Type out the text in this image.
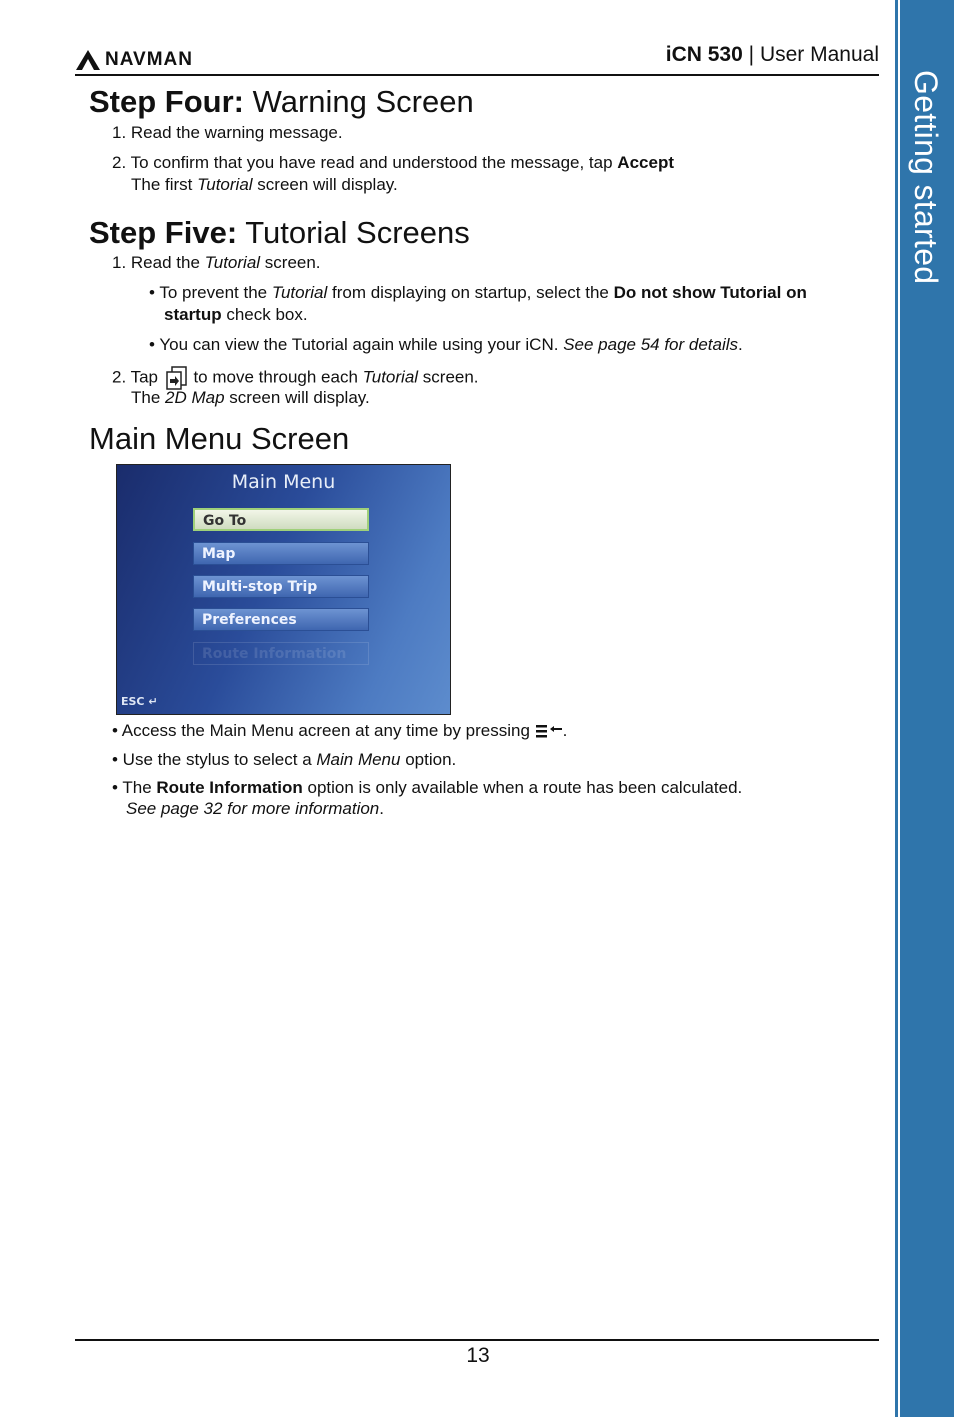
Getting started
NAVMAN	iCN 530 | User Manual
Step Four: Warning Screen
1. Read the warning message.
2. To confirm that you have read and understood the message, tap Accept
The first Tutorial screen will display.
Step Five: Tutorial Screens
1. Read the Tutorial screen.
• To prevent the Tutorial from displaying on startup, select the Do not show Tutorial on
startup check box.
• You can view the Tutorial again while using your iCN. See page 54 for details.
2. Tap  to move through each Tutorial screen.
The 2D Map screen will display.
Main Menu Screen
Main Menu
Go To
Map
Multi-stop Trip
Preferences
Route Information
ESC ↵
• Access the Main Menu acreen at any time by pressing .
• Use the stylus to select a Main Menu option.
• The Route Information option is only available when a route has been calculated.
See page 32 for more information.
13
